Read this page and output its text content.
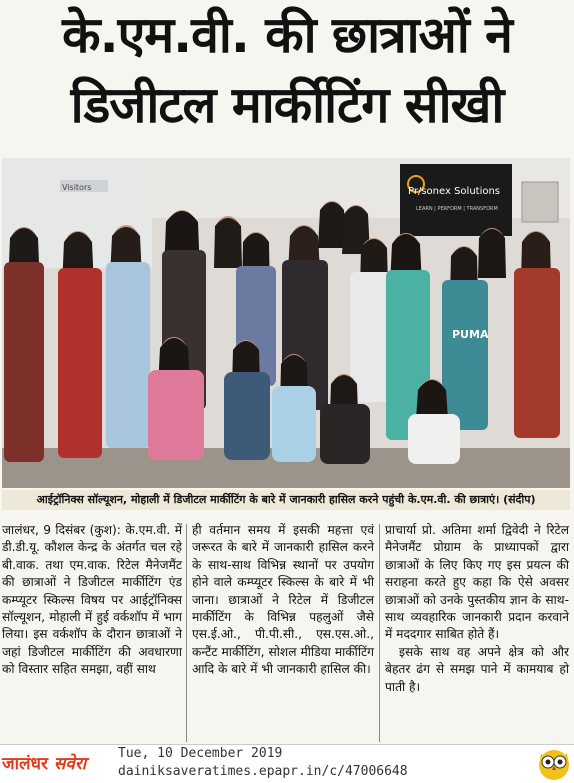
के.एम.वी. की छात्राओं ने
डिजीटल मार्कीटिंग सीखी
Visitors	Pr/sonex Solutions
LEARN | PERFORM | TRANSFORM
PUMA
आईट्रॉनिक्स सॉल्यूशन, मोहाली में डिजीटल मार्कीटिंग के बारे में जानकारी हासिल करने पहुंची के.एम.वी. की छात्राएं। (संदीप)

जालंधर, 9 दिसंबर (कुश): के.एम.वी. में डी.डी.यू. कौशल केन्द्र के अंतर्गत चल रहे बी.वाक. तथा एम.वाक. रिटेल मैनेजमैंट की छात्राओं ने डिजीटल मार्कीटिंग एंड कम्प्यूटर स्किल्स विषय पर आईट्रॉनिक्स सॉल्यूशन, मोहाली में हुई वर्कशॉप में भाग लिया। इस वर्कशॉप के दौरान छात्राओं ने जहां डिजीटल मार्कीटिंग की अवधारणा को विस्तार सहित समझा, वहीं साथ

ही वर्तमान समय में इसकी महत्ता एवं जरूरत के बारे में जानकारी हासिल करने के साथ-साथ विभिन्न स्थानों पर उपयोग होने वाले कम्प्यूटर स्किल्स के बारे में भी जाना। छात्राओं ने रिटेल में डिजीटल मार्कीटिंग के विभिन्न पहलुओं जैसे एस.ई.ओ., पी.पी.सी., एस.एस.ओ., कन्टैंट मार्कीटिंग, सोशल मीडिया मार्कीटिंग आदि के बारे में भी जानकारी हासिल की।

प्राचार्या प्रो. अतिमा शर्मा द्विवेदी ने रिटेल मैनेजमैंट प्रोग्राम के प्राध्यापकों द्वारा छात्राओं के लिए किए गए इस प्रयत्न की सराहना करते हुए कहा कि ऐसे अवसर छात्राओं को उनके पुस्तकीय ज्ञान के साथ-साथ व्यवहारिक जानकारी प्रदान करवाने में मददगार साबित होते हैं।

इसके साथ वह अपने क्षेत्र को और बेहतर ढंग से समझ पाने में कामयाब हो पाती है।

जालंधर सवेरा
Tue, 10 December 2019
dainiksaveratimes.epapr.in/c/47006648
